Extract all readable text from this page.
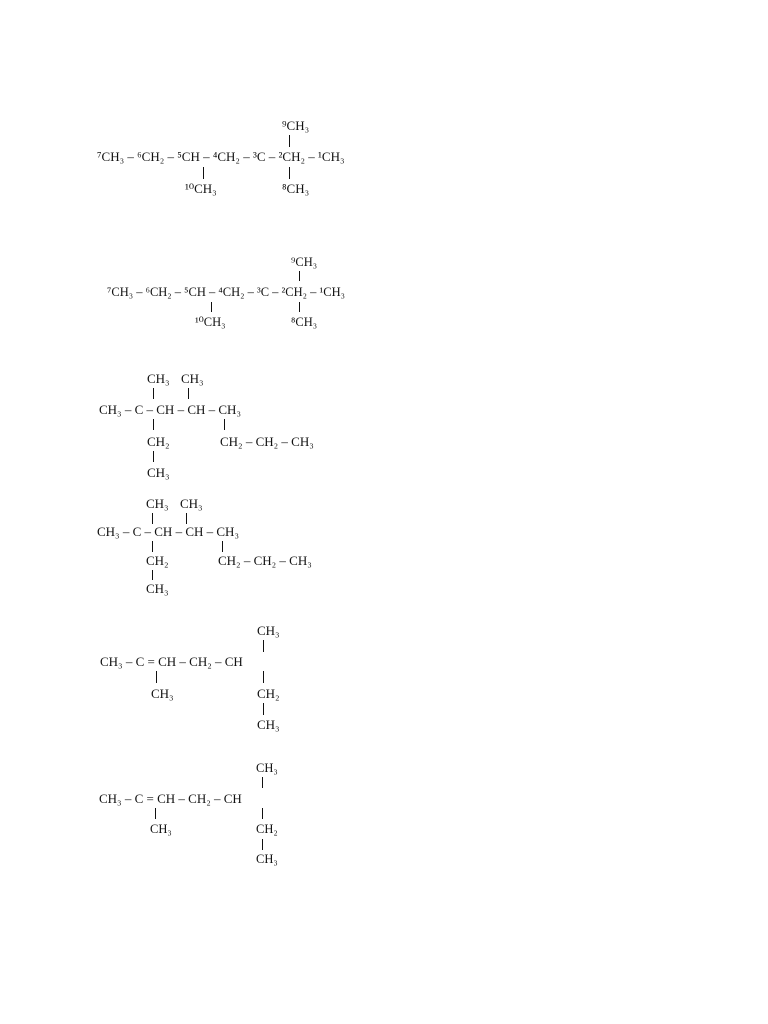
⁹CH₃
⁷CH₃ – ⁶CH₂ – ⁵CH – ⁴CH₂ – ³C – ²CH₂ – ¹CH₃
¹⁰CH₃	⁸CH₃
⁹CH₃
⁷CH₃ – ⁶CH₂ – ⁵CH – ⁴CH₂ – ³C – ²CH₂ – ¹CH₃
¹⁰CH₃	⁸CH₃
CH₃ CH₃
CH₃ – C – CH – CH – CH₃
CH₂	CH₂ – CH₂ – CH₃
CH₃
CH₃ CH₃
CH₃ – C – CH – CH – CH₃
CH₂	CH₂ – CH₂ – CH₃
CH₃
CH₃
CH₃ – C = CH – CH₂ – CH
CH₃	CH₂
CH₃
CH₃
CH₃ – C = CH – CH₂ – CH
CH₃	CH₂
CH₃
